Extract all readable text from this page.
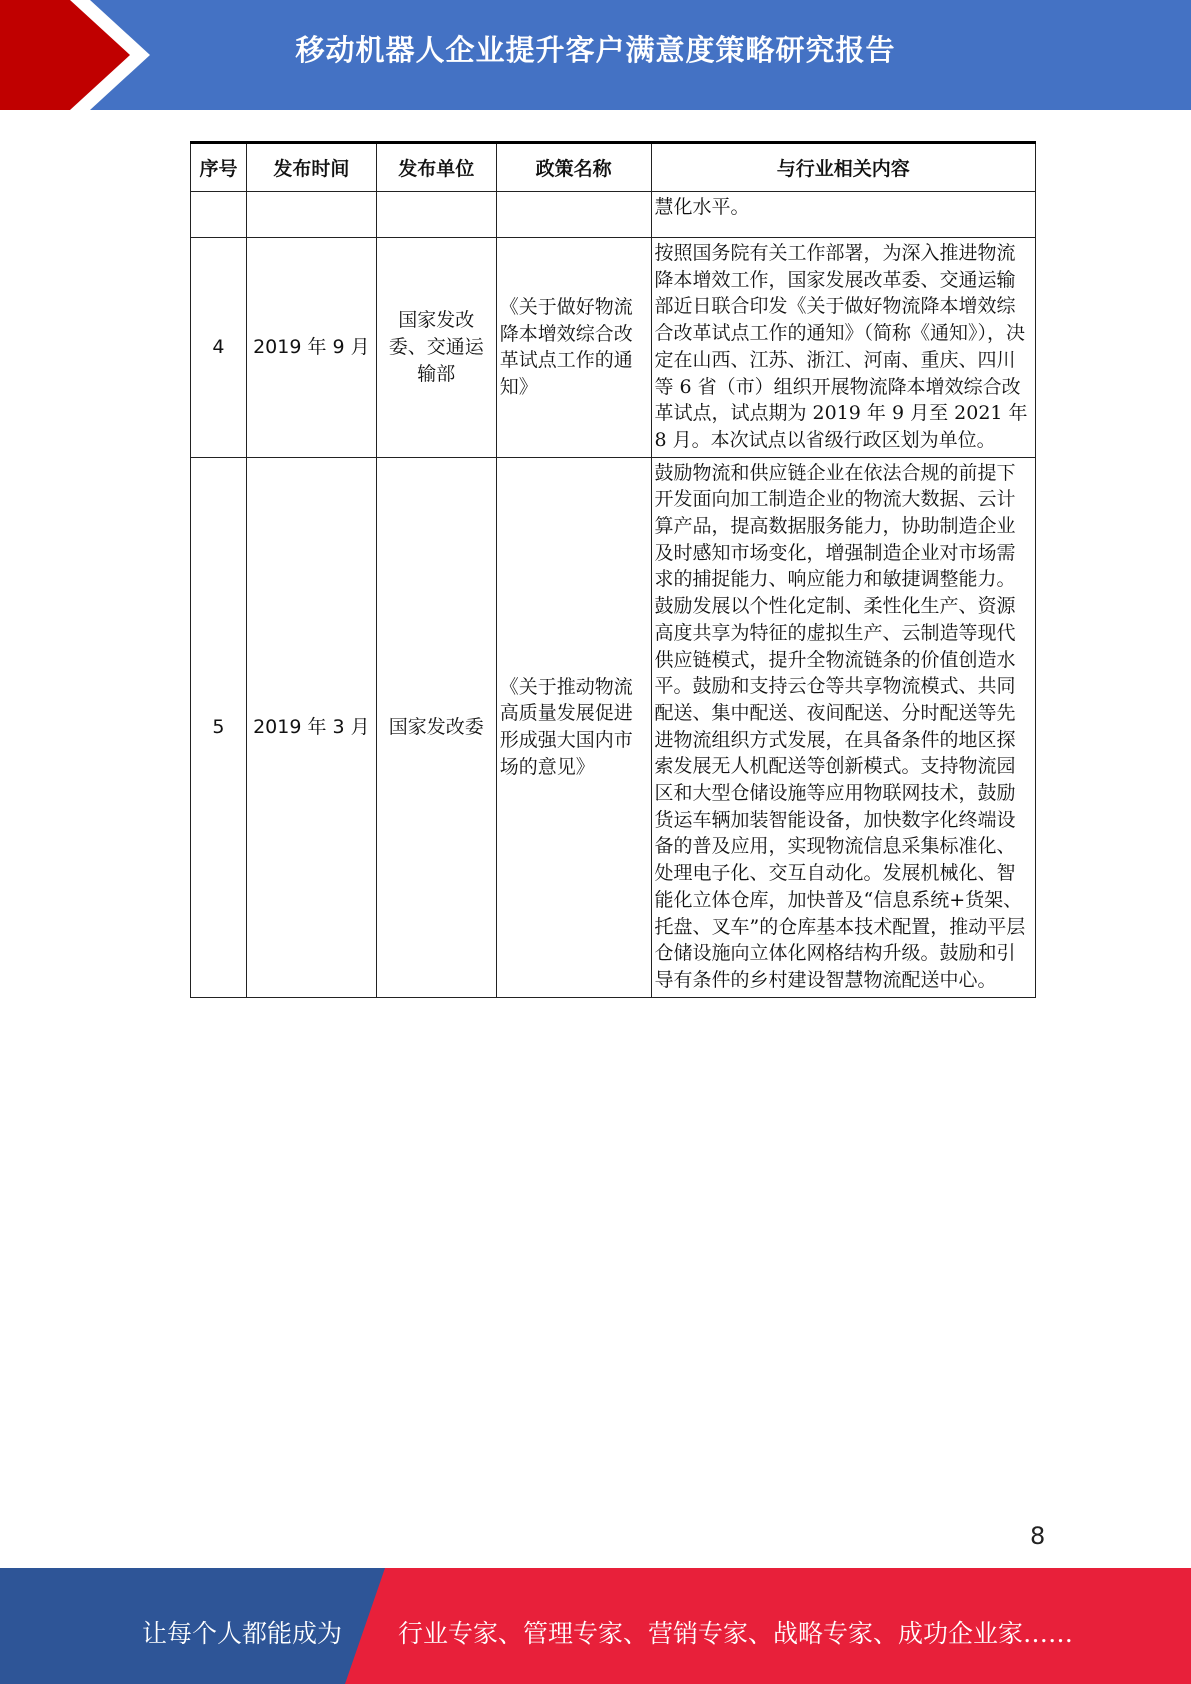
移动机器人企业提升客户满意度策略研究报告
序号	发布时间	发布单位	政策名称	与行业相关内容
				慧化水平。
4	2019 年 9 月	国家发改委、交通运输部	《关于做好物流降本增效综合改革试点工作的通知》	按照国务院有关工作部署，为深入推进物流降本增效工作，国家发展改革委、交通运输部近日联合印发《关于做好物流降本增效综合改革试点工作的通知》（简称《通知》），决定在山西、江苏、浙江、河南、重庆、四川等 6 省（市）组织开展物流降本增效综合改革试点，试点期为 2019 年 9 月至 2021 年 8 月。本次试点以省级行政区划为单位。
5	2019 年 3 月	国家发改委	《关于推动物流高质量发展促进形成强大国内市场的意见》	鼓励物流和供应链企业在依法合规的前提下开发面向加工制造企业的物流大数据、云计算产品，提高数据服务能力，协助制造企业及时感知市场变化，增强制造企业对市场需求的捕捉能力、响应能力和敏捷调整能力。鼓励发展以个性化定制、柔性化生产、资源高度共享为特征的虚拟生产、云制造等现代供应链模式，提升全物流链条的价值创造水平。鼓励和支持云仓等共享物流模式、共同配送、集中配送、夜间配送、分时配送等先进物流组织方式发展，在具备条件的地区探索发展无人机配送等创新模式。支持物流园区和大型仓储设施等应用物联网技术，鼓励货运车辆加装智能设备，加快数字化终端设备的普及应用，实现物流信息采集标准化、处理电子化、交互自动化。发展机械化、智能化立体仓库，加快普及“信息系统+货架、托盘、叉车”的仓库基本技术配置，推动平层仓储设施向立体化网格结构升级。鼓励和引导有条件的乡村建设智慧物流配送中心。
8
让每个人都能成为 行业专家、管理专家、营销专家、战略专家、成功企业家……
